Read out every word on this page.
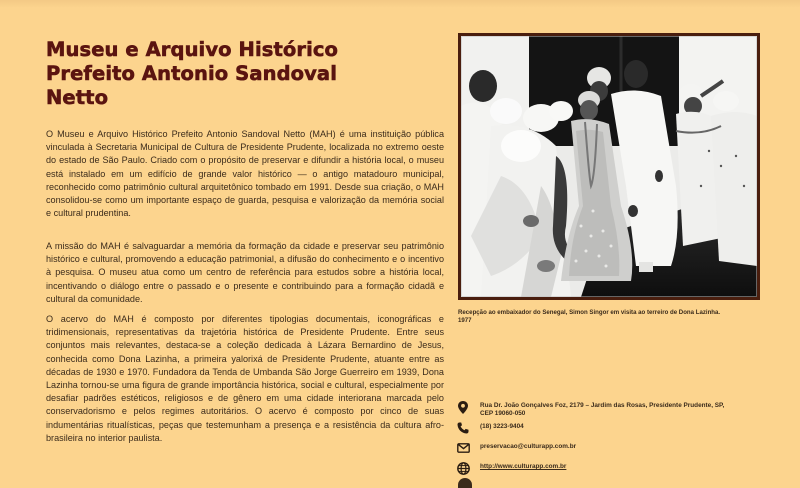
Museu e Arquivo Histórico
Prefeito Antonio Sandoval
Netto

O Museu e Arquivo Histórico Prefeito Antonio Sandoval Netto (MAH) é uma instituição pública vinculada à Secretaria Municipal de Cultura de Presidente Prudente, localizada no extremo oeste do estado de São Paulo. Criado com o propósito de preservar e difundir a história local, o museu está instalado em um edifício de grande valor histórico — o antigo matadouro municipal, reconhecido como patrimônio cultural arquitetônico tombado em 1991. Desde sua criação, o MAH consolidou-se como um importante espaço de guarda, pesquisa e valorização da memória social e cultural prudentina.

A missão do MAH é salvaguardar a memória da formação da cidade e preservar seu patrimônio histórico e cultural, promovendo a educação patrimonial, a difusão do conhecimento e o incentivo à pesquisa. O museu atua como um centro de referência para estudos sobre a história local, incentivando o diálogo entre o passado e o presente e contribuindo para a formação cidadã e cultural da comunidade.

O acervo do MAH é composto por diferentes tipologias documentais, iconográficas e tridimensionais, representativas da trajetória histórica de Presidente Prudente. Entre seus conjuntos mais relevantes, destaca-se a coleção dedicada à Lázara Bernardino de Jesus, conhecida como Dona Lazinha, a primeira yalorixá de Presidente Prudente, atuante entre as décadas de 1930 e 1970. Fundadora da Tenda de Umbanda São Jorge Guerreiro em 1939, Dona Lazinha tornou-se uma figura de grande importância histórica, social e cultural, especialmente por desafiar padrões estéticos, religiosos e de gênero em uma cidade interiorana marcada pelo conservadorismo e pelos regimes autoritários. O acervo é composto por cinco de suas indumentárias ritualísticas, peças que testemunham a presença e a resistência da cultura afro-brasileira no interior paulista.

Recepção ao embaixador do Senegal, Simon Singor em visita ao terreiro de Dona Lazinha.
1977

Rua Dr. João Gonçalves Foz, 2179 – Jardim das Rosas, Presidente Prudente, SP,
CEP 19060-050
(18) 3223-9404
preservacao@culturapp.com.br
http://www.culturapp.com.br
